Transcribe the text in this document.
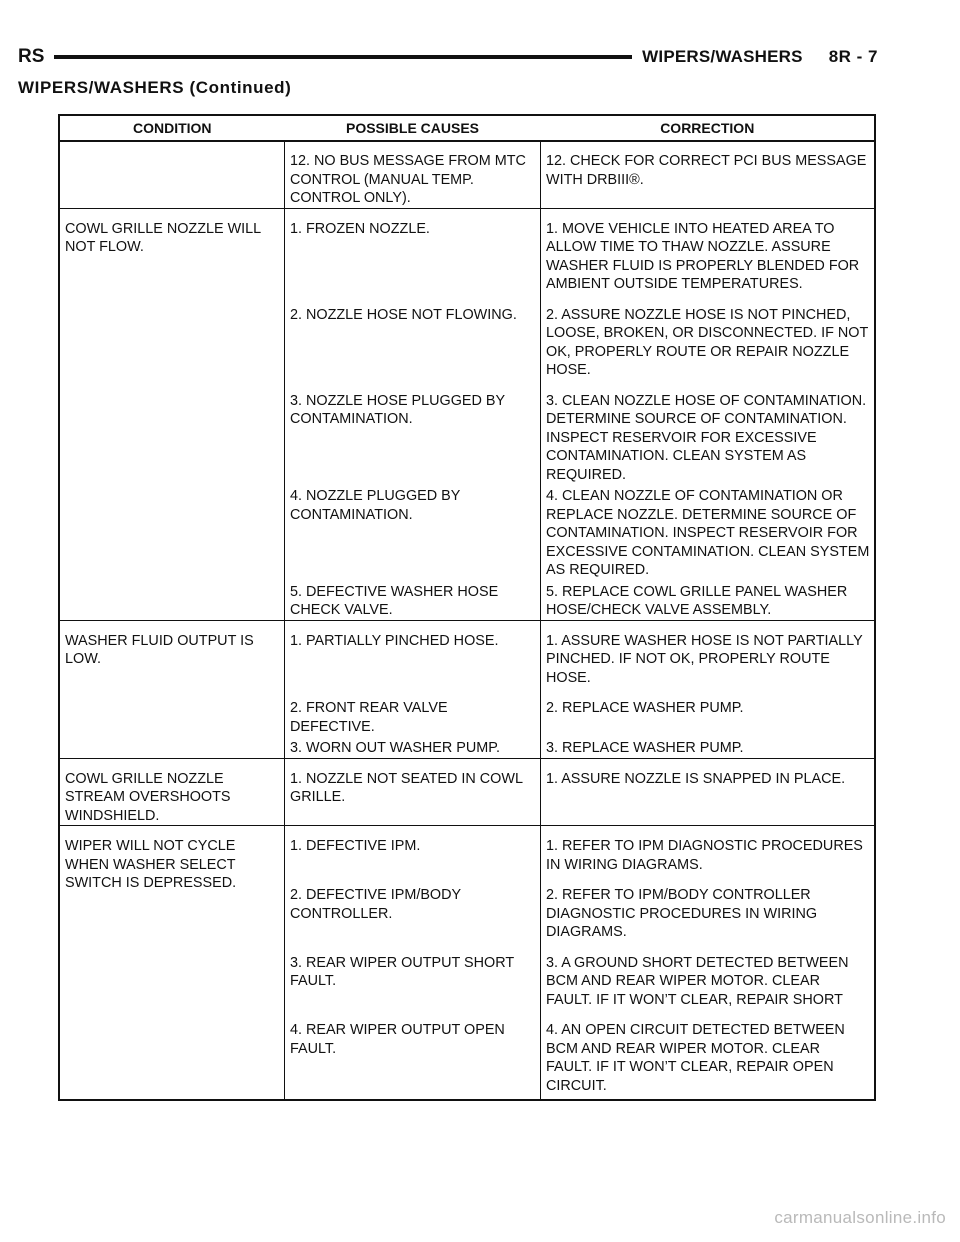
RS	WIPERS/WASHERS 8R - 7
WIPERS/WASHERS (Continued)
CONDITION	POSSIBLE CAUSES	CORRECTION
	12. NO BUS MESSAGE FROM MTC CONTROL (MANUAL TEMP. CONTROL ONLY).	12. CHECK FOR CORRECT PCI BUS MESSAGE WITH DRBIII®.
COWL GRILLE NOZZLE WILL NOT FLOW.	1. FROZEN NOZZLE.	1. MOVE VEHICLE INTO HEATED AREA TO ALLOW TIME TO THAW NOZZLE. ASSURE WASHER FLUID IS PROPERLY BLENDED FOR AMBIENT OUTSIDE TEMPERATURES.
	2. NOZZLE HOSE NOT FLOWING.	2. ASSURE NOZZLE HOSE IS NOT PINCHED, LOOSE, BROKEN, OR DISCONNECTED. IF NOT OK, PROPERLY ROUTE OR REPAIR NOZZLE HOSE.
	3. NOZZLE HOSE PLUGGED BY CONTAMINATION.	3. CLEAN NOZZLE HOSE OF CONTAMINATION. DETERMINE SOURCE OF CONTAMINATION. INSPECT RESERVOIR FOR EXCESSIVE CONTAMINATION. CLEAN SYSTEM AS REQUIRED.
	4. NOZZLE PLUGGED BY CONTAMINATION.	4. CLEAN NOZZLE OF CONTAMINATION OR REPLACE NOZZLE. DETERMINE SOURCE OF CONTAMINATION. INSPECT RESERVOIR FOR EXCESSIVE CONTAMINATION. CLEAN SYSTEM AS REQUIRED.
	5. DEFECTIVE WASHER HOSE CHECK VALVE.	5. REPLACE COWL GRILLE PANEL WASHER HOSE/CHECK VALVE ASSEMBLY.
WASHER FLUID OUTPUT IS LOW.	1. PARTIALLY PINCHED HOSE.	1. ASSURE WASHER HOSE IS NOT PARTIALLY PINCHED. IF NOT OK, PROPERLY ROUTE HOSE.
	2. FRONT REAR VALVE DEFECTIVE.	2. REPLACE WASHER PUMP.
	3. WORN OUT WASHER PUMP.	3. REPLACE WASHER PUMP.
COWL GRILLE NOZZLE STREAM OVERSHOOTS WINDSHIELD.	1. NOZZLE NOT SEATED IN COWL GRILLE.	1. ASSURE NOZZLE IS SNAPPED IN PLACE.
WIPER WILL NOT CYCLE WHEN WASHER SELECT SWITCH IS DEPRESSED.	1. DEFECTIVE IPM.	1. REFER TO IPM DIAGNOSTIC PROCEDURES IN WIRING DIAGRAMS.
	2. DEFECTIVE IPM/BODY CONTROLLER.	2. REFER TO IPM/BODY CONTROLLER DIAGNOSTIC PROCEDURES IN WIRING DIAGRAMS.
	3. REAR WIPER OUTPUT SHORT FAULT.	3. A GROUND SHORT DETECTED BETWEEN BCM AND REAR WIPER MOTOR. CLEAR FAULT. IF IT WON’T CLEAR, REPAIR SHORT
	4. REAR WIPER OUTPUT OPEN FAULT.	4. AN OPEN CIRCUIT DETECTED BETWEEN BCM AND REAR WIPER MOTOR. CLEAR FAULT. IF IT WON’T CLEAR, REPAIR OPEN CIRCUIT.
carmanualsonline.info
